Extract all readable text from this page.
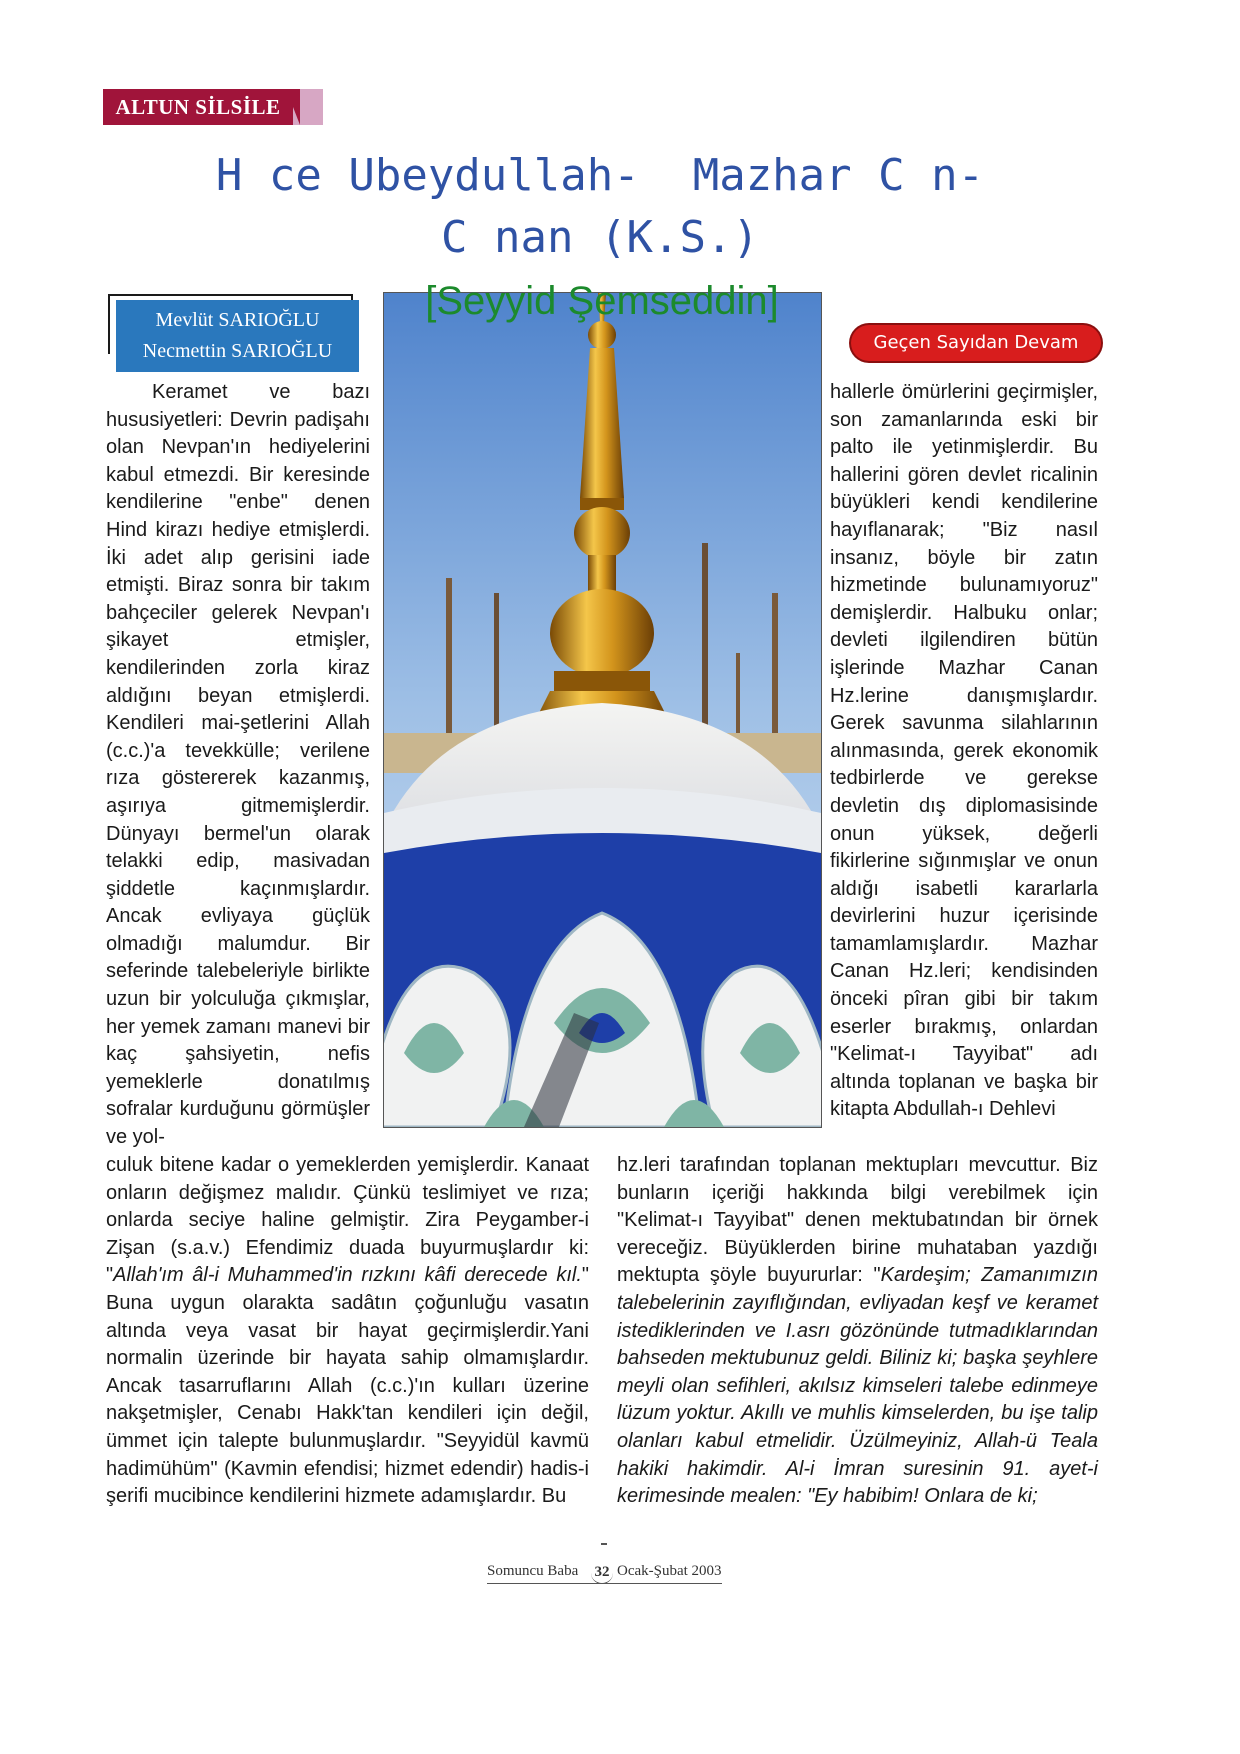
ALTUN SİLSİLE
H ce Ubeydullah-  Mazhar C n-
C nan (K.S.)
Mevlüt SARIOĞLU
Necmettin SARIOĞLU
[Seyyid Şemseddin]
Geçen Sayıdan Devam

Keramet ve bazı hususiyetleri: Devrin padişahı olan Nevpan'ın hediyelerini kabul etmezdi. Bir keresinde kendilerine "enbe" denen Hind kirazı hediye etmişlerdi. İki adet alıp gerisini iade etmişti. Biraz sonra bir takım bahçeciler gelerek Nevpan'ı şikayet etmişler, kendilerinden zorla kiraz aldığını beyan etmişlerdi. Kendileri mai-şetlerini Allah (c.c.)'a tevekkülle; verilene rıza göstererek kazanmış, aşırıya gitmemişlerdir. Dünyayı bermel'un olarak telakki edip, masivadan şiddetle kaçınmışlardır. Ancak evliyaya güçlük olmadığı malumdur. Bir seferinde talebeleriyle birlikte uzun bir yolculuğa çıkmışlar, her yemek zamanı manevi bir kaç şahsiyetin, nefis yemeklerle donatılmış sofralar kurduğunu görmüşler ve yol-

hallerle ömürlerini geçirmişler, son zamanlarında eski bir palto ile yetinmişlerdir. Bu hallerini gören devlet ricalinin büyükleri kendi kendilerine hayıflanarak; "Biz nasıl insanız, böyle bir zatın hizmetinde bulunamıyoruz" demişlerdir. Halbuku onlar; devleti ilgilendiren bütün işlerinde Mazhar Canan Hz.lerine danışmışlardır. Gerek savunma silahlarının alınmasında, gerek ekonomik tedbirlerde ve gerekse devletin dış diplomasisinde onun yüksek, değerli fikirlerine sığınmışlar ve onun aldığı isabetli kararlarla devirlerini huzur içerisinde tamamlamışlardır. Mazhar Canan Hz.leri; kendisinden önceki pîran gibi bir takım eserler bırakmış, onlardan "Kelimat-ı Tayyibat" adı altında toplanan ve başka bir kitapta Abdullah-ı Dehlevi

culuk bitene kadar o yemeklerden yemişlerdir. Kanaat onların değişmez malıdır. Çünkü teslimiyet ve rıza; onlarda seciye haline gelmiştir. Zira Peygamber-i Zişan (s.a.v.) Efendimiz duada buyurmuşlardır ki: "Allah'ım âl-i Muhammed'in rızkını kâfi derecede kıl." Buna uygun olarakta sadâtın çoğunluğu vasatın altında veya vasat bir hayat geçirmişlerdir.Yani normalin üzerinde bir hayata sahip olmamışlardır. Ancak tasarruflarını Allah (c.c.)'ın kulları üzerine nakşetmişler, Cenabı Hakk'tan kendileri için değil, ümmet için talepte bulunmuşlardır. "Seyyidül kavmü hadimühüm" (Kavmin efendisi; hizmet edendir) hadis-i şerifi mucibince kendilerini hizmete adamışlardır. Bu
hz.leri tarafından toplanan mektupları mevcuttur. Biz bunların içeriği hakkında bilgi verebilmek için "Kelimat-ı Tayyibat" denen mektubatından bir örnek vereceğiz. Büyüklerden birine muhataban yazdığı mektupta şöyle buyururlar: "Kardeşim; Zamanımızın talebelerinin zayıflığından, evliyadan keşf ve keramet istediklerinden ve I.asrı gözönünde tutmadıklarından bahseden mektubunuz geldi. Biliniz ki; başka şeyhlere meyli olan sefihleri, akılsız kimseleri talebe edinmeye lüzum yoktur. Akıllı ve muhlis kimselerden, bu işe talip olanları kabul etmelidir. Üzülmeyiniz, Allah-ü Teala hakiki hakimdir. Al-i İmran suresinin 91. ayet-i kerimesinde mealen: "Ey habibim! Onlara de ki;
Somuncu Baba 32 Ocak-Şubat 2003
